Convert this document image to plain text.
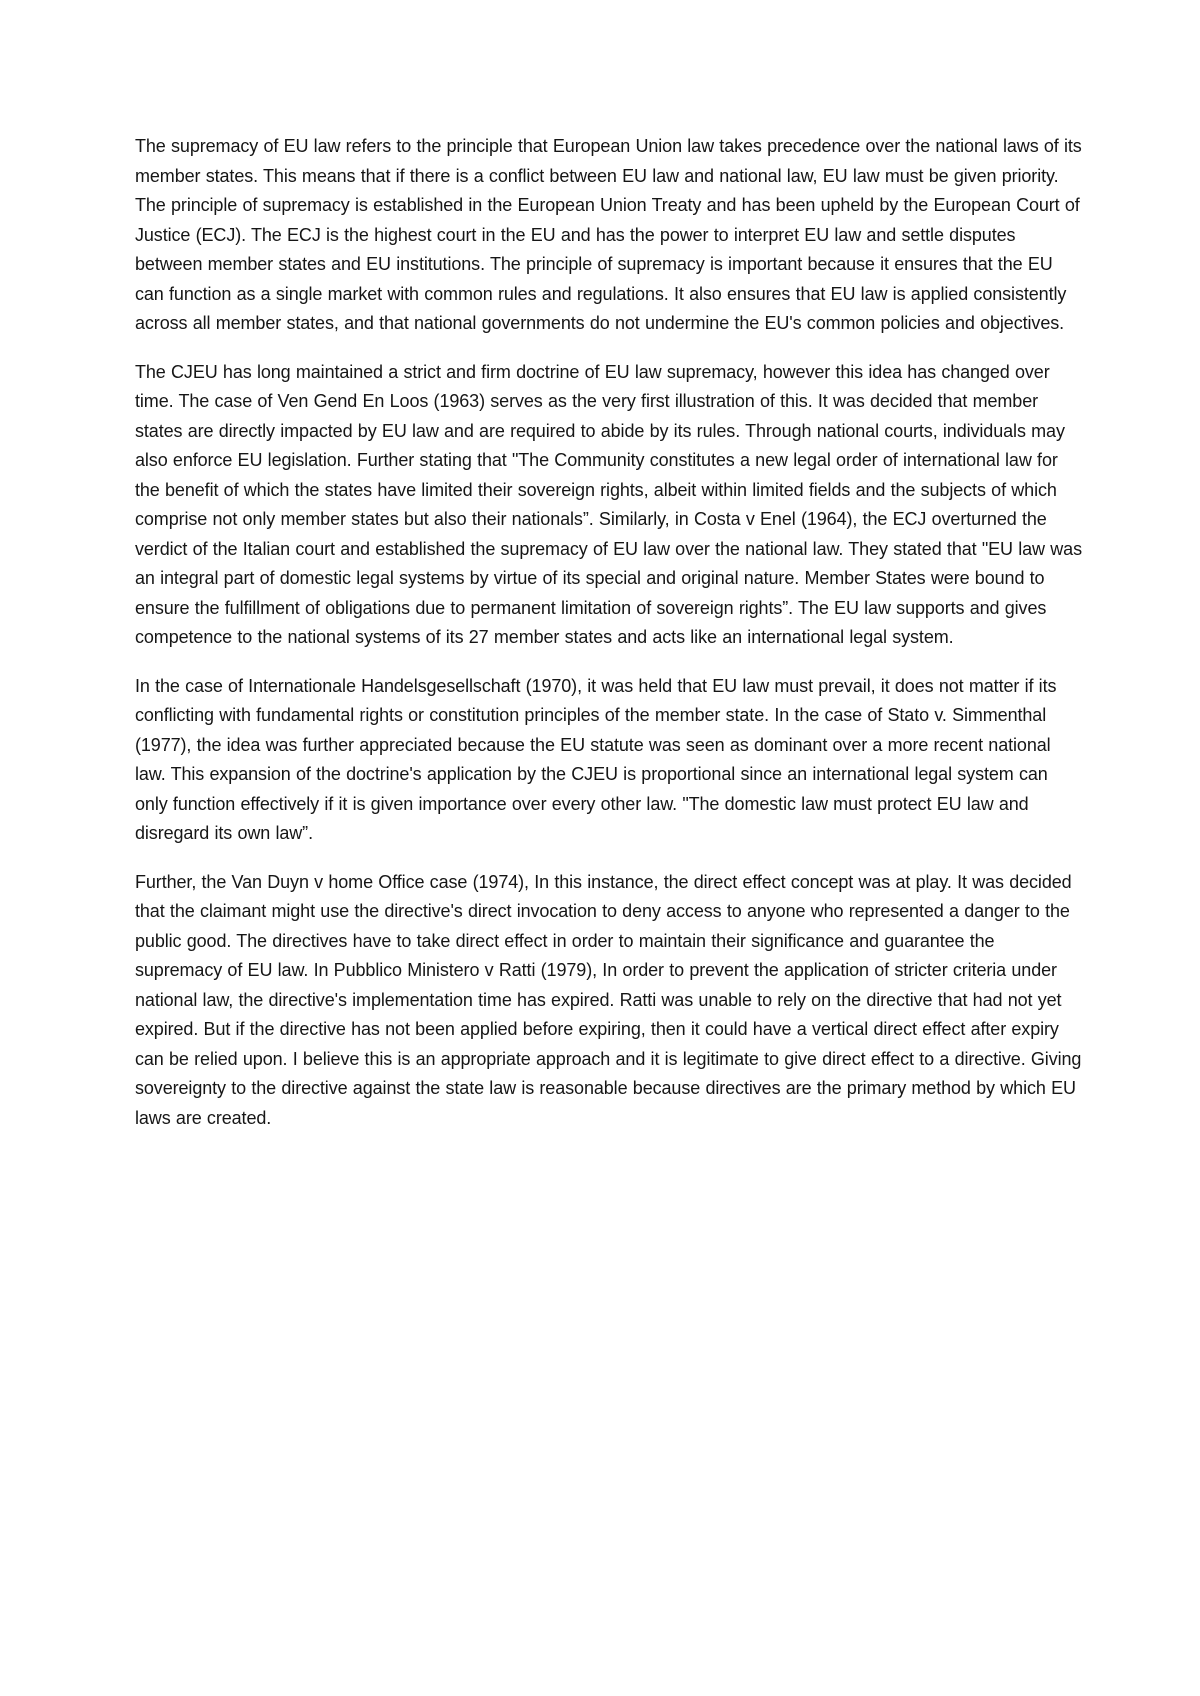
The supremacy of EU law refers to the principle that European Union law takes precedence over the national laws of its member states. This means that if there is a conflict between EU law and national law, EU law must be given priority. The principle of supremacy is established in the European Union Treaty and has been upheld by the European Court of Justice (ECJ). The ECJ is the highest court in the EU and has the power to interpret EU law and settle disputes between member states and EU institutions. The principle of supremacy is important because it ensures that the EU can function as a single market with common rules and regulations. It also ensures that EU law is applied consistently across all member states, and that national governments do not undermine the EU's common policies and objectives.

The CJEU has long maintained a strict and firm doctrine of EU law supremacy, however this idea has changed over time. The case of Ven Gend En Loos (1963) serves as the very first illustration of this. It was decided that member states are directly impacted by EU law and are required to abide by its rules. Through national courts, individuals may also enforce EU legislation. Further stating that "The Community constitutes a new legal order of international law for the benefit of which the states have limited their sovereign rights, albeit within limited fields and the subjects of which comprise not only member states but also their nationals”. Similarly, in Costa v Enel (1964), the ECJ overturned the verdict of the Italian court and established the supremacy of EU law over the national law. They stated that "EU law was an integral part of domestic legal systems by virtue of its special and original nature. Member States were bound to ensure the fulfillment of obligations due to permanent limitation of sovereign rights”. The EU law supports and gives competence to the national systems of its 27 member states and acts like an international legal system.

In the case of Internationale Handelsgesellschaft (1970), it was held that EU law must prevail, it does not matter if its conflicting with fundamental rights or constitution principles of the member state. In the case of Stato v. Simmenthal (1977), the idea was further appreciated because the EU statute was seen as dominant over a more recent national law. This expansion of the doctrine's application by the CJEU is proportional since an international legal system can only function effectively if it is given importance over every other law. "The domestic law must protect EU law and disregard its own law”.

Further, the Van Duyn v home Office case (1974), In this instance, the direct effect concept was at play. It was decided that the claimant might use the directive's direct invocation to deny access to anyone who represented a danger to the public good. The directives have to take direct effect in order to maintain their significance and guarantee the supremacy of EU law. In Pubblico Ministero v Ratti (1979), In order to prevent the application of stricter criteria under national law, the directive's implementation time has expired. Ratti was unable to rely on the directive that had not yet expired. But if the directive has not been applied before expiring, then it could have a vertical direct effect after expiry can be relied upon. I believe this is an appropriate approach and it is legitimate to give direct effect to a directive. Giving sovereignty to the directive against the state law is reasonable because directives are the primary method by which EU laws are created.
